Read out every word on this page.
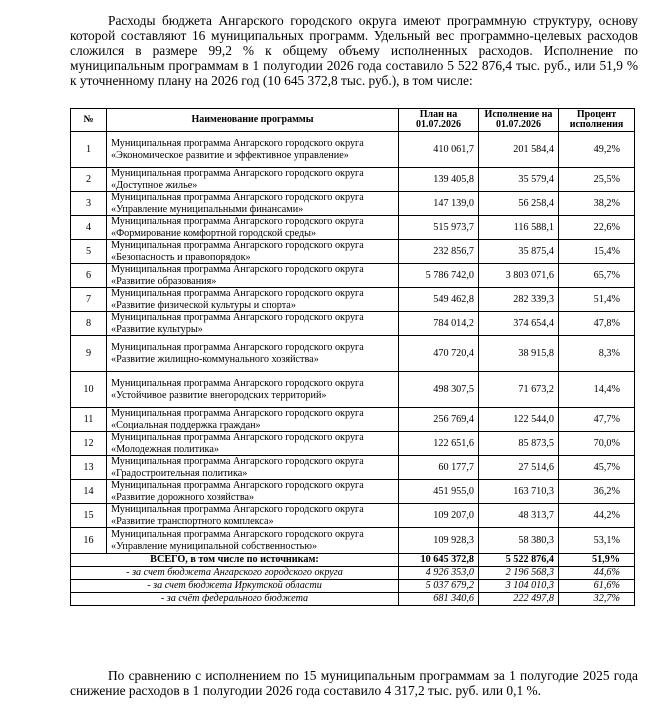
Расходы бюджета Ангарского городского округа имеют программную структуру, основу которой составляют 16 муниципальных программ. Удельный вес программно-целевых расходов сложился в размере 99,2 % к общему объему исполненных расходов. Исполнение по муниципальным программам в 1 полугодии 2026 года составило 5 522 876,4 тыс. руб., или 51,9 % к уточненному плану на 2026 год (10 645 372,8 тыс. руб.), в том числе:

№	Наименование программы	План на 01.07.2026	Исполнение на 01.07.2026	Процент исполнения
1	Муниципальная программа Ангарского городского округа «Экономическое развитие и эффективное управление»	410 061,7	201 584,4	49,2%
2	Муниципальная программа Ангарского городского округа «Доступное жилье»	139 405,8	35 579,4	25,5%
3	Муниципальная программа Ангарского городского округа «Управление муниципальными финансами»	147 139,0	56 258,4	38,2%
4	Муниципальная программа Ангарского городского округа «Формирование комфортной городской среды»	515 973,7	116 588,1	22,6%
5	Муниципальная программа Ангарского городского округа «Безопасность и правопорядок»	232 856,7	35 875,4	15,4%
6	Муниципальная программа Ангарского городского округа «Развитие образования»	5 786 742,0	3 803 071,6	65,7%
7	Муниципальная программа Ангарского городского округа «Развитие физической культуры и спорта»	549 462,8	282 339,3	51,4%
8	Муниципальная программа Ангарского городского округа «Развитие культуры»	784 014,2	374 654,4	47,8%
9	Муниципальная программа Ангарского городского округа «Развитие жилищно-коммунального хозяйства»	470 720,4	38 915,8	8,3%
10	Муниципальная программа Ангарского городского округа «Устойчивое развитие внегородских территорий»	498 307,5	71 673,2	14,4%
11	Муниципальная программа Ангарского городского округа «Социальная поддержка граждан»	256 769,4	122 544,0	47,7%
12	Муниципальная программа Ангарского городского округа «Молодежная политика»	122 651,6	85 873,5	70,0%
13	Муниципальная программа Ангарского городского округа «Градостроительная политика»	60 177,7	27 514,6	45,7%
14	Муниципальная программа Ангарского городского округа «Развитие дорожного хозяйства»	451 955,0	163 710,3	36,2%
15	Муниципальная программа Ангарского городского округа «Развитие транспортного комплекса»	109 207,0	48 313,7	44,2%
16	Муниципальная программа Ангарского городского округа «Управление муниципальной собственностью»	109 928,3	58 380,3	53,1%
ВСЕГО, в том числе по источникам:		10 645 372,8	5 522 876,4	51,9%
- за счет бюджета Ангарского городского округа		4 926 353,0	2 196 568,3	44,6%
- за счет бюджета Иркутской области		5 037 679,2	3 104 010,3	61,6%
- за счёт федерального бюджета		681 340,6	222 497,8	32,7%

По сравнению с исполнением по 15 муниципальным программам за 1 полугодие 2025 года снижение расходов в 1 полугодии 2026 года составило 4 317,2 тыс. руб. или 0,1 %.
